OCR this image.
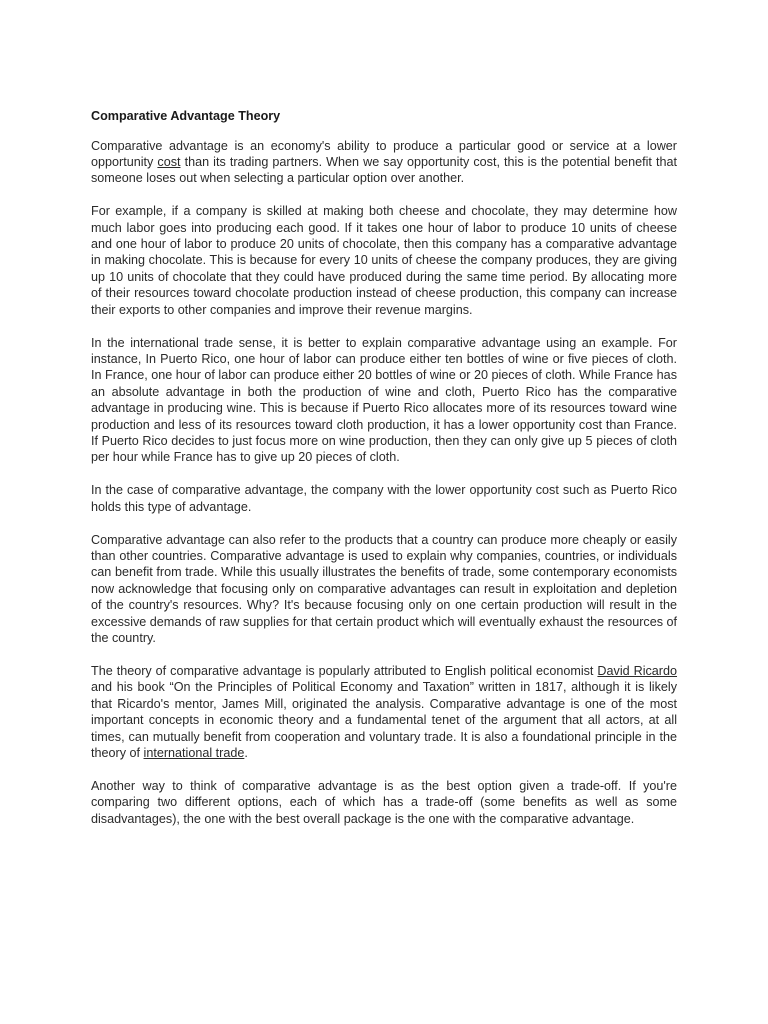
Comparative Advantage Theory

Comparative advantage is an economy's ability to produce a particular good or service at a lower opportunity cost than its trading partners. When we say opportunity cost, this is the potential benefit that someone loses out when selecting a particular option over another.

For example, if a company is skilled at making both cheese and chocolate, they may determine how much labor goes into producing each good. If it takes one hour of labor to produce 10 units of cheese and one hour of labor to produce 20 units of chocolate, then this company has a comparative advantage in making chocolate. This is because for every 10 units of cheese the company produces, they are giving up 10 units of chocolate that they could have produced during the same time period. By allocating more of their resources toward chocolate production instead of cheese production, this company can increase their exports to other companies and improve their revenue margins.

In the international trade sense, it is better to explain comparative advantage using an example. For instance, In Puerto Rico, one hour of labor can produce either ten bottles of wine or five pieces of cloth. In France, one hour of labor can produce either 20 bottles of wine or 20 pieces of cloth. While France has an absolute advantage in both the production of wine and cloth, Puerto Rico has the comparative advantage in producing wine. This is because if Puerto Rico allocates more of its resources toward wine production and less of its resources toward cloth production, it has a lower opportunity cost than France. If Puerto Rico decides to just focus more on wine production, then they can only give up 5 pieces of cloth per hour while France has to give up 20 pieces of cloth.

In the case of comparative advantage, the company with the lower opportunity cost such as Puerto Rico holds this type of advantage.

Comparative advantage can also refer to the products that a country can produce more cheaply or easily than other countries. Comparative advantage is used to explain why companies, countries, or individuals can benefit from trade. While this usually illustrates the benefits of trade, some contemporary economists now acknowledge that focusing only on comparative advantages can result in exploitation and depletion of the country's resources. Why? It's because focusing only on one certain production will result in the excessive demands of raw supplies for that certain product which will eventually exhaust the resources of the country.

The theory of comparative advantage is popularly attributed to English political economist David Ricardo and his book “On the Principles of Political Economy and Taxation” written in 1817, although it is likely that Ricardo's mentor, James Mill, originated the analysis. Comparative advantage is one of the most important concepts in economic theory and a fundamental tenet of the argument that all actors, at all times, can mutually benefit from cooperation and voluntary trade. It is also a foundational principle in the theory of international trade.

Another way to think of comparative advantage is as the best option given a trade-off. If you're comparing two different options, each of which has a trade-off (some benefits as well as some disadvantages), the one with the best overall package is the one with the comparative advantage.
